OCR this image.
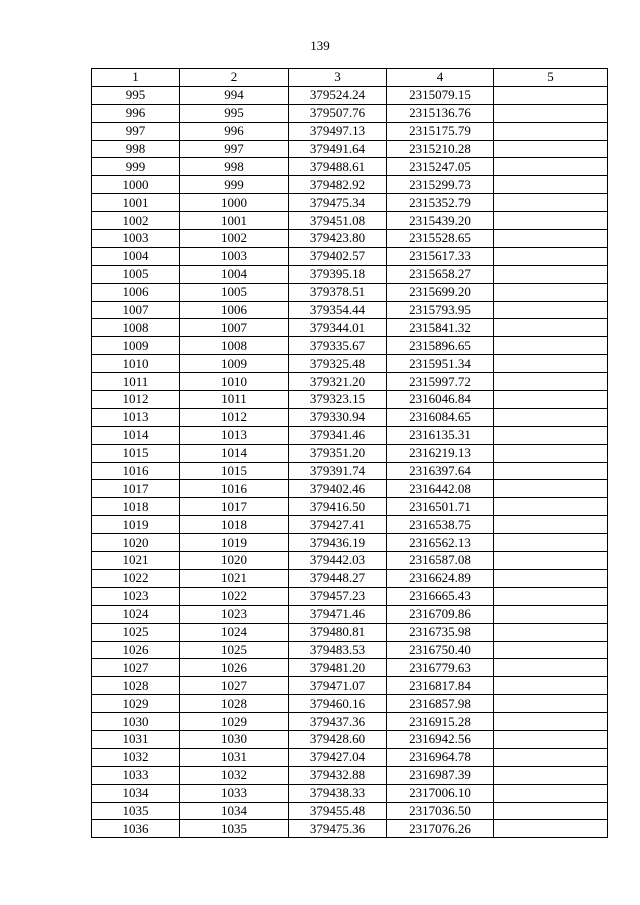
139
1	2	3	4	5
995	994	379524.24	2315079.15	
996	995	379507.76	2315136.76	
997	996	379497.13	2315175.79	
998	997	379491.64	2315210.28	
999	998	379488.61	2315247.05	
1000	999	379482.92	2315299.73	
1001	1000	379475.34	2315352.79	
1002	1001	379451.08	2315439.20	
1003	1002	379423.80	2315528.65	
1004	1003	379402.57	2315617.33	
1005	1004	379395.18	2315658.27	
1006	1005	379378.51	2315699.20	
1007	1006	379354.44	2315793.95	
1008	1007	379344.01	2315841.32	
1009	1008	379335.67	2315896.65	
1010	1009	379325.48	2315951.34	
1011	1010	379321.20	2315997.72	
1012	1011	379323.15	2316046.84	
1013	1012	379330.94	2316084.65	
1014	1013	379341.46	2316135.31	
1015	1014	379351.20	2316219.13	
1016	1015	379391.74	2316397.64	
1017	1016	379402.46	2316442.08	
1018	1017	379416.50	2316501.71	
1019	1018	379427.41	2316538.75	
1020	1019	379436.19	2316562.13	
1021	1020	379442.03	2316587.08	
1022	1021	379448.27	2316624.89	
1023	1022	379457.23	2316665.43	
1024	1023	379471.46	2316709.86	
1025	1024	379480.81	2316735.98	
1026	1025	379483.53	2316750.40	
1027	1026	379481.20	2316779.63	
1028	1027	379471.07	2316817.84	
1029	1028	379460.16	2316857.98	
1030	1029	379437.36	2316915.28	
1031	1030	379428.60	2316942.56	
1032	1031	379427.04	2316964.78	
1033	1032	379432.88	2316987.39	
1034	1033	379438.33	2317006.10	
1035	1034	379455.48	2317036.50	
1036	1035	379475.36	2317076.26	
